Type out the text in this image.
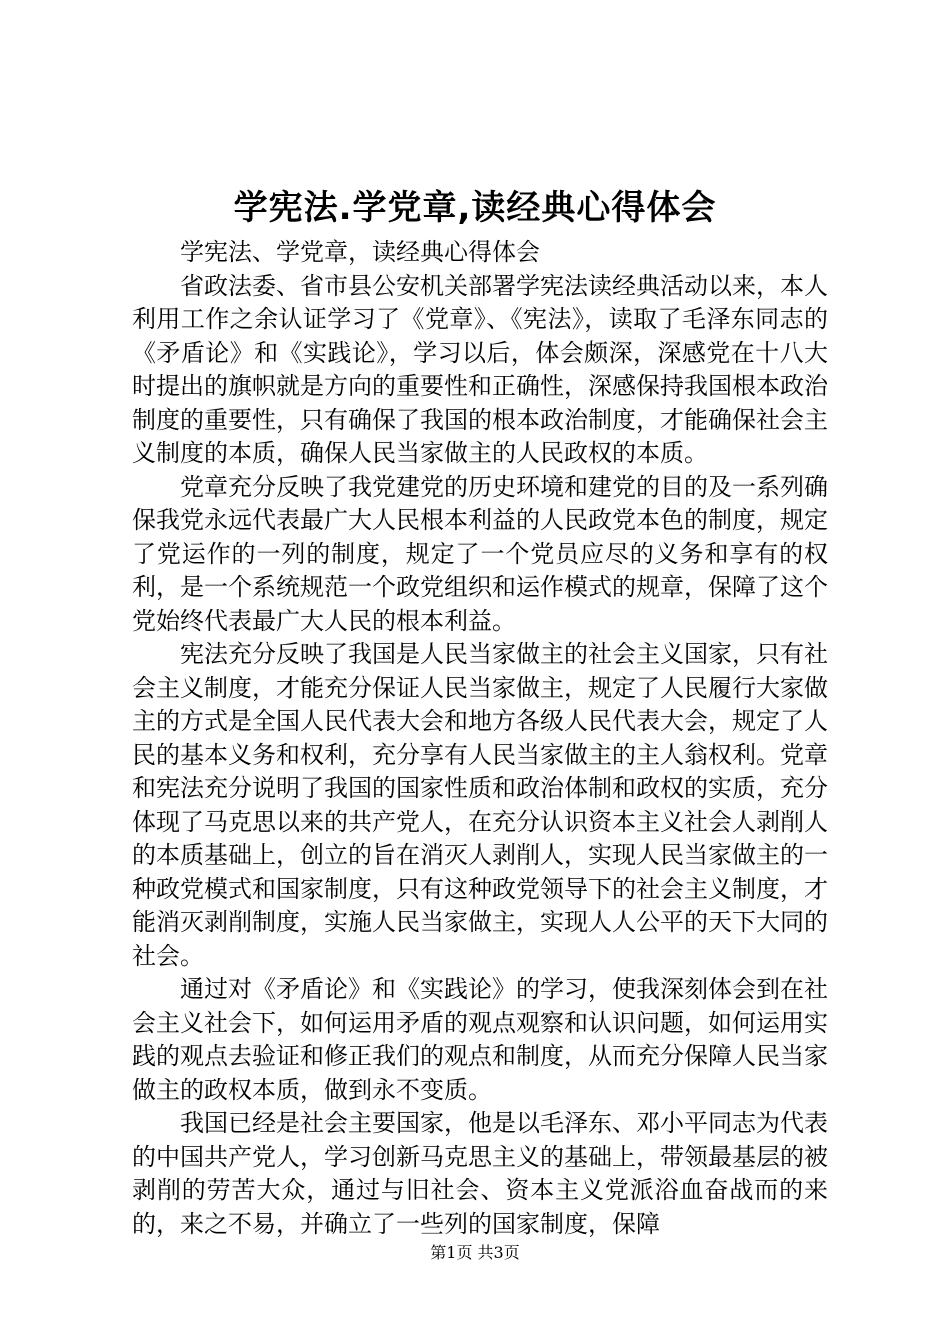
学宪法.学党章,读经典心得体会

学宪法、学党章，读经典心得体会

省政法委、省市县公安机关部署学宪法读经典活动以来，本人利用工作之余认证学习了《党章》、《宪法》，读取了毛泽东同志的《矛盾论》和《实践论》，学习以后，体会颇深，深感党在十八大时提出的旗帜就是方向的重要性和正确性，深感保持我国根本政治制度的重要性，只有确保了我国的根本政治制度，才能确保社会主义制度的本质，确保人民当家做主的人民政权的本质。

党章充分反映了我党建党的历史环境和建党的目的及一系列确保我党永远代表最广大人民根本利益的人民政党本色的制度，规定了党运作的一列的制度，规定了一个党员应尽的义务和享有的权利，是一个系统规范一个政党组织和运作模式的规章，保障了这个党始终代表最广大人民的根本利益。

宪法充分反映了我国是人民当家做主的社会主义国家，只有社会主义制度，才能充分保证人民当家做主，规定了人民履行大家做主的方式是全国人民代表大会和地方各级人民代表大会，规定了人民的基本义务和权利，充分享有人民当家做主的主人翁权利。党章和宪法充分说明了我国的国家性质和政治体制和政权的实质，充分体现了马克思以来的共产党人，在充分认识资本主义社会人剥削人的本质基础上，创立的旨在消灭人剥削人，实现人民当家做主的一种政党模式和国家制度，只有这种政党领导下的社会主义制度，才能消灭剥削制度，实施人民当家做主，实现人人公平的天下大同的社会。

通过对《矛盾论》和《实践论》的学习，使我深刻体会到在社会主义社会下，如何运用矛盾的观点观察和认识问题，如何运用实践的观点去验证和修正我们的观点和制度，从而充分保障人民当家做主的政权本质，做到永不变质。

我国已经是社会主要国家，他是以毛泽东、邓小平同志为代表的中国共产党人，学习创新马克思主义的基础上，带领最基层的被剥削的劳苦大众，通过与旧社会、资本主义党派浴血奋战而的来的，来之不易，并确立了一些列的国家制度，保障

第1页 共3页
